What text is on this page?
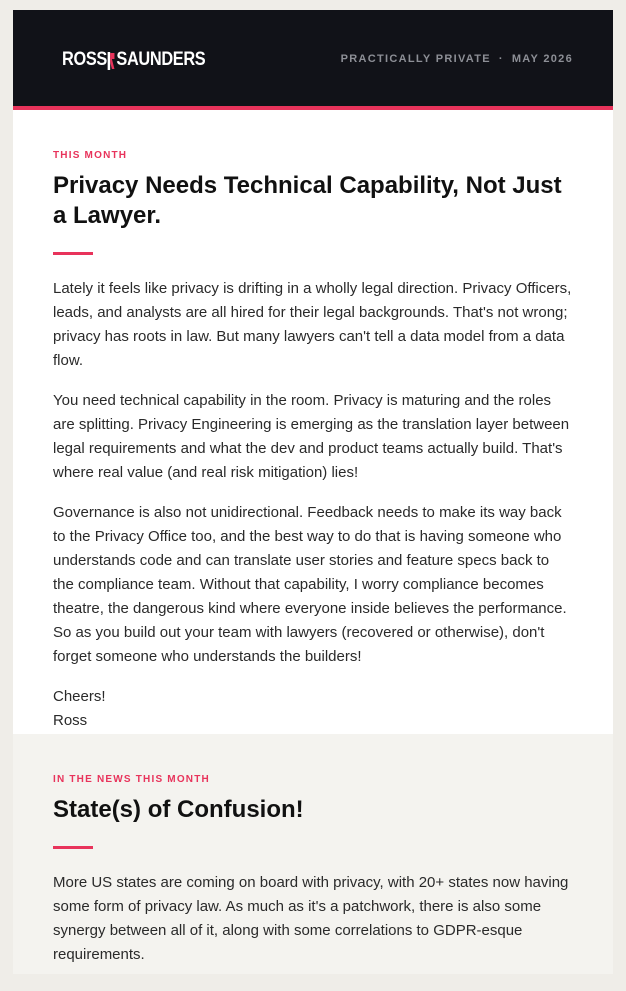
ROSS SAUNDERS	PRACTICALLY PRIVATE · MAY 2026
THIS MONTH
Privacy Needs Technical Capability, Not Just a Lawyer.

Lately it feels like privacy is drifting in a wholly legal direction. Privacy Officers, leads, and analysts are all hired for their legal backgrounds. That's not wrong; privacy has roots in law. But many lawyers can't tell a data model from a data flow.

You need technical capability in the room. Privacy is maturing and the roles are splitting. Privacy Engineering is emerging as the translation layer between legal requirements and what the dev and product teams actually build. That's where real value (and real risk mitigation) lies!

Governance is also not unidirectional. Feedback needs to make its way back to the Privacy Office too, and the best way to do that is having someone who understands code and can translate user stories and feature specs back to the compliance team. Without that capability, I worry compliance becomes theatre, the dangerous kind where everyone inside believes the performance. So as you build out your team with lawyers (recovered or otherwise), don't forget someone who understands the builders!

Cheers!
Ross
IN THE NEWS THIS MONTH
State(s) of Confusion!

More US states are coming on board with privacy, with 20+ states now having some form of privacy law. As much as it's a patchwork, there is also some synergy between all of it, along with some correlations to GDPR-esque requirements.
